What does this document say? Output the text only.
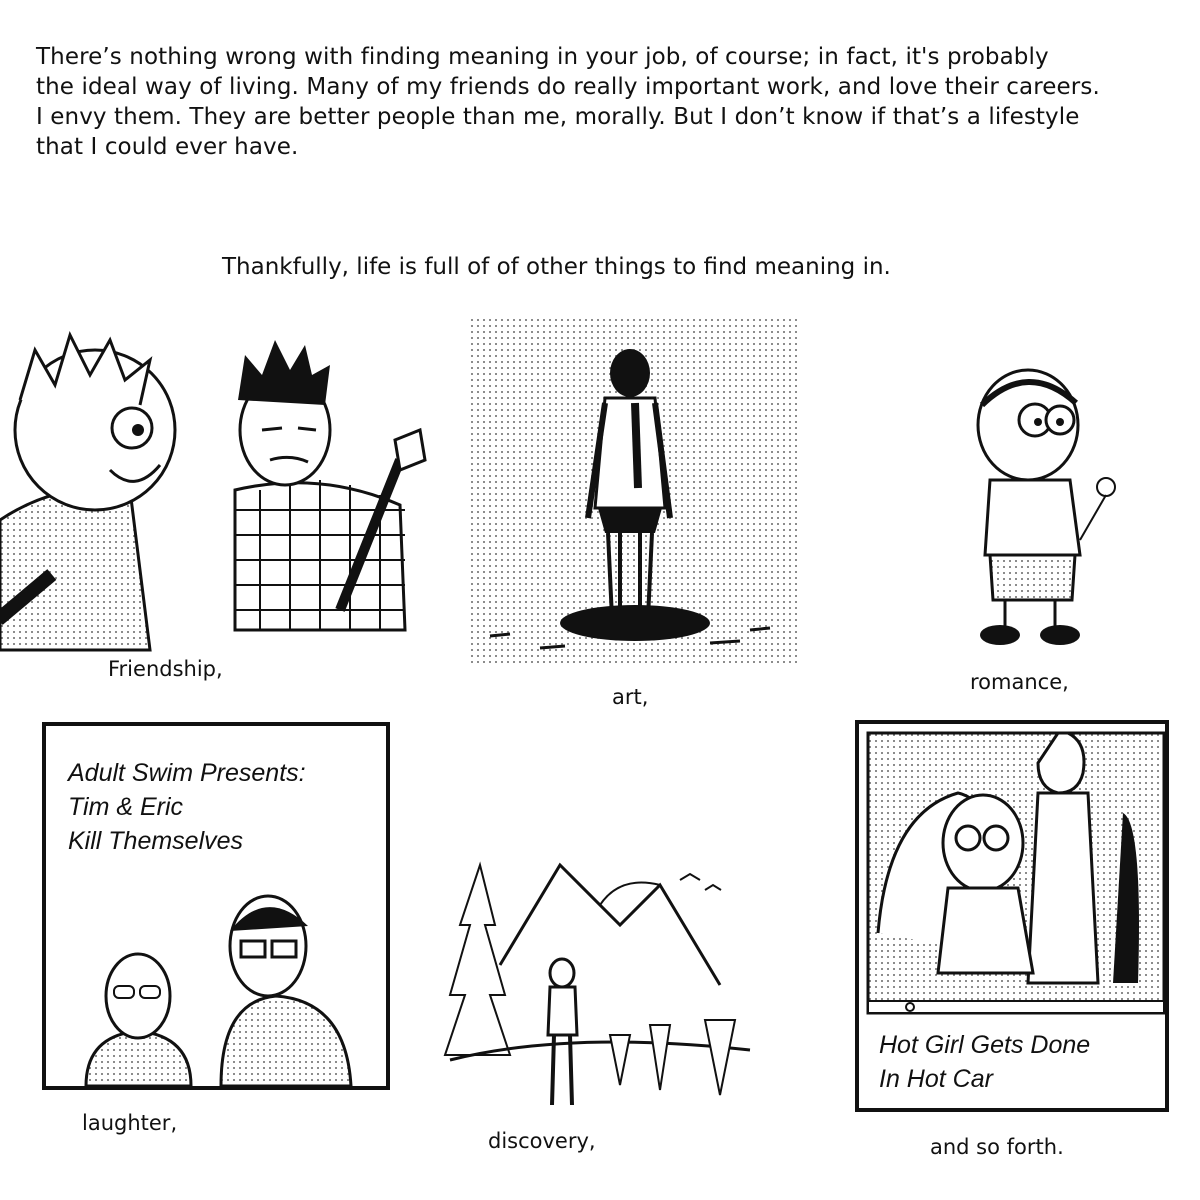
There’s nothing wrong with finding meaning in your job, of course; in fact, it's probably
the ideal way of living. Many of my friends do really important work, and love their careers.
I envy them. They are better people than me, morally. But I don’t know if that’s a lifestyle
that I could ever have.

Thankfully, life is full of of other things to find meaning in.

Friendship,

art,

romance,

Adult Swim Presents:
Tim & Eric
Kill Themselves

laughter,

discovery,

Hot Girl Gets Done
In Hot Car

and so forth.
